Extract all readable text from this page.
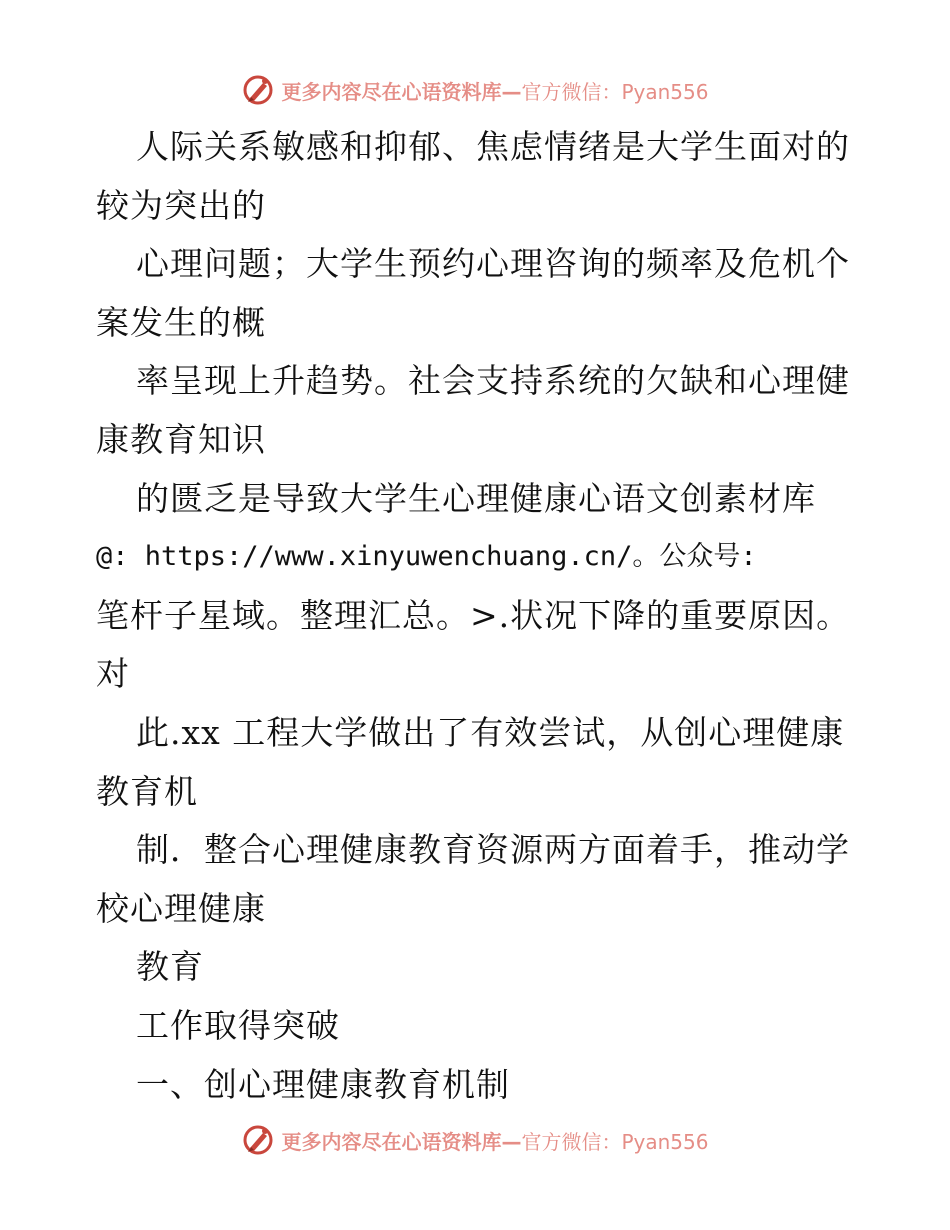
更多内容尽在心语资料库—官方微信：Pyan556
人际关系敏感和抑郁、焦虑情绪是大学生面对的
较为突出的
心理问题；大学生预约心理咨询的频率及危机个
案发生的概
率呈现上升趋势。社会支持系统的欠缺和心理健
康教育知识
的匮乏是导致大学生心理健康心语文创素材库
@: https://www.xinyuwenchuang.cn/。公众号:
笔杆子星域。整理汇总。>.状况下降的重要原因。
对
此.xx 工程大学做出了有效尝试，从创心理健康
教育机
制．整合心理健康教育资源两方面着手，推动学
校心理健康
教育
工作取得突破
一、创心理健康教育机制
更多内容尽在心语资料库—官方微信：Pyan556
